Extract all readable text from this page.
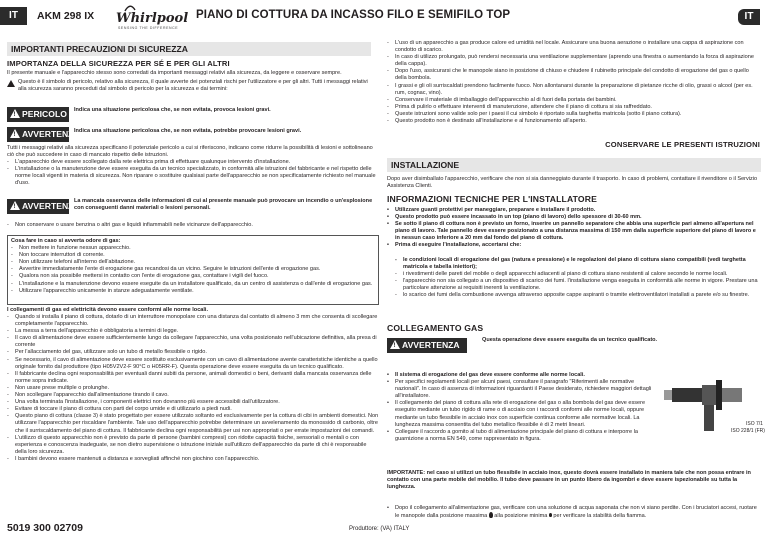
IT	AKM 298 IX Whirlpool
SENSING THE DIFFERENCE
PIANO DI COTTURA DA INCASSO FILO E SEMIFILO TOP	IT
IMPORTANTI PRECAUZIONI DI SICUREZZA
IMPORTANZA DELLA SICUREZZA PER SÉ E PER GLI ALTRI
Il presente manuale e l'apparecchio stesso sono corredati da importanti messaggi relativi alla sicurezza, da leggere e osservare sempre.
Questo è il simbolo di pericolo, relativo alla sicurezza, il quale avverte dei potenziali rischi per l'utilizzatore e per gli altri. Tutti i messaggi relativi alla sicurezza saranno preceduti dal simbolo di pericolo per la sicurezza e dai termini:
!
PERICOLO	Indica una situazione pericolosa che, se non evitata, provoca lesioni gravi.
!
AVVERTENZA
Indica una situazione pericolosa che, se non evitata, potrebbe provocare lesioni gravi.
Tutti i messaggi relativi alla sicurezza specificano il potenziale pericolo a cui si riferiscono, indicano come ridurre la possibilità di lesioni e sottolineano ciò che può succedere in caso di mancato rispetto delle istruzioni.
- L'apparecchio deve essere scollegato dalla rete elettrica prima di effettuare qualunque intervento d'installazione.
- L'installazione o la manutenzione deve essere eseguita da un tecnico specializzato, in conformità alle istruzioni del fabbricante e nel rispetto delle norme locali vigenti in materia di sicurezza. Non riparare o sostituire qualsiasi parte dell'apparecchio se non specificatamente richiesto nel manuale d'uso.
!
AVVERTENZA
La mancata osservanza delle informazioni di cui al presente manuale può provocare un incendio o un'esplosione con conseguenti danni materiali o lesioni personali.
- Non conservare o usare benzina o altri gas e liquidi infiammabili nelle vicinanze dell'apparecchio.
Cosa fare in caso si avverta odore di gas:
- Non mettere in funzione nessun apparecchio.
- Non toccare interruttori di corrente.
- Non utilizzare telefoni all'interno dell'abitazione.
- Avvertire immediatamente l'ente di erogazione gas recandosi da un vicino. Seguire le istruzioni dell'ente di erogazione gas.
- Qualora non sia possibile mettersi in contatto con l'ente di erogazione gas, contattare i vigili del fuoco.
- L'installazione e la manutenzione devono essere eseguite da un installatore qualificato, da un centro di assistenza o dall'ente di erogazione gas.
- Utilizzare l'apparecchio unicamente in stanze adeguatamente ventilate.
I collegamenti di gas ed elettricità devono essere conformi alle norme locali.
- Quando si installa il piano di cottura, dotarlo di un interruttore monopolare con una distanza dal contatto di almeno 3 mm che consenta di scollegare completamente l'apparecchio.
- La messa a terra dell'apparecchio è obbligatoria a termini di legge.
- Il cavo di alimentazione deve essere sufficientemente lungo da collegare l'apparecchio, una volta posizionato nell'ubicazione definitiva, alla presa di corrente
- Per l'allacciamento del gas, utilizzare solo un tubo di metallo flessibile o rigido.
- Se necessario, il cavo di alimentazione deve essere sostituito esclusivamente con un cavo di alimentazione avente caratteristiche identiche a quello originale fornito dal produttore (tipo H05V2V2-F 90°C o H05RR-F). Questa operazione deve essere eseguita da un tecnico qualificato.
- Il fabbricante declina ogni responsabilità per eventuali danni subiti da persone, animali domestici o beni, derivanti dalla mancata osservanza delle norme sopra indicate.
- Non usare prese multiple o prolunghe.
- Non scollegare l'apparecchio dall'alimentazione tirando il cavo.
- Una volta terminata l'installazione, i componenti elettrici non dovranno più essere accessibili dall'utilizzatore.
- Evitare di toccare il piano di cottura con parti del corpo umide e di utilizzarlo a piedi nudi.
- Questo piano di cottura (classe 3) è stato progettato per essere utilizzato soltanto ed esclusivamente per la cottura di cibi in ambienti domestici. Non utilizzare l'apparecchio per riscaldare l'ambiente. Tale uso dell'apparecchio potrebbe determinare un avvelenamento da monossido di carbonio, oltre che il surriscaldamento del piano di cottura. Il fabbricante declina ogni responsabilità per usi non appropriati o per errate impostazioni dei comandi.
- L'utilizzo di questo apparecchio non è previsto da parte di persone (bambini compresi) con ridotte capacità fisiche, sensoriali o mentali o con esperienza e conoscenza inadeguate, se non dietro supervisione o istruzione iniziale sull'utilizzo dell'apparecchio da parte di chi è responsabile della loro sicurezza.
- I bambini devono essere mantenuti a distanza e sorvegliati affinché non giochino con l'apparecchio.
- L'uso di un apparecchio a gas produce calore ed umidità nel locale. Assicurare una buona aerazione o installare una cappa di aspirazione con condotto di scarico.
- In caso di utilizzo prolungato, può rendersi necessaria una ventilazione supplementare (aprendo una finestra o aumentando la forza di aspirazione della cappa).
- Dopo l'uso, assicurarsi che le manopole siano in posizione di chiuso e chiudere il rubinetto principale del condotto di erogazione del gas o quello della bombola.
- I grassi e gli oli surriscaldati prendono facilmente fuoco. Non allontanarsi durante la preparazione di pietanze ricche di olio, grassi o alcool (per es. rum, cognac, vino).
- Conservare il materiale di imballaggio dell'apparecchio al di fuori della portata dei bambini.
- Prima di pulirlo o effettuare interventi di manutenzione, attendere che il piano di cottura si sia raffreddato.
- Queste istruzioni sono valide solo per i paesi il cui simbolo è riportato sulla targhetta matricola (sotto il piano cottura).
- Questo prodotto non è destinato all'installazione e al funzionamento all'aperto.
CONSERVARE LE PRESENTI ISTRUZIONI
INSTALLAZIONE
Dopo aver disimballato l'apparecchio, verificare che non si sia danneggiato durante il trasporto. In caso di problemi, contattare il rivenditore o il Servizio Assistenza Clienti.
INFORMAZIONI TECNICHE PER L'INSTALLATORE
• Utilizzare guanti protettivi per maneggiare, preparare e installare il prodotto.
• Questo prodotto può essere incassato in un top (piano di lavoro) dello spessore di 30-60 mm.
• Se sotto il piano di cottura non è previsto un forno, inserire un pannello separatore che abbia una superficie pari almeno all'apertura nel piano di lavoro. Tale pannello deve essere posizionato a una distanza massima di 150 mm dalla superficie superiore del piano di lavoro e in nessun caso inferiore a 20 mm dal fondo del piano di cottura.
• Prima di eseguire l'installazione, accertarsi che:
- le condizioni locali di erogazione del gas (natura e pressione) e le regolazioni del piano di cottura siano compatibili (vedi targhetta matricola e tabella iniettori);
- i rivestimenti delle pareti del mobile o degli apparecchi adiacenti al piano di cottura siano resistenti al calore secondo le norme locali.
- l'apparecchio non sia collegato a un dispositivo di scarico dei fumi. l'installazione venga eseguita in conformità alle norme in vigore. Prestare una particolare attenzione ai requisiti inerenti la ventilazione.
- lo scarico dei fumi della combustione avvenga attraverso apposite cappe aspiranti o tramite elettroventilatori installati a parete e/o su finestre.
COLLEGAMENTO GAS
!
AVVERTENZA	Questa operazione deve essere eseguita da un tecnico qualificato.
• Il sistema di erogazione del gas deve essere conforme alle norme locali.
• Per specifici regolamenti locali per alcuni paesi, consultare il paragrafo "Riferimenti alle normative nazionali". In caso di assenza di informazioni riguardanti il Paese desiderato, richiedere maggiori dettagli all'installatore.
• Il collegamento del piano di cottura alla rete di erogazione del gas o alla bombola del gas deve essere eseguito mediante un tubo rigido di rame o di acciaio con i raccordi conformi alle norme locali, oppure mediante un tubo flessibile in acciaio inox con superficie continua conforme alle normative locali. La lunghezza massima consentita del tubo metallico flessibile è di 2 metri lineari.
• Collegare il raccordo a gomito al tubo di alimentazione principale del piano di cottura e interporre la guarnizione a norma EN 549, come rappresentato in figura.
IMPORTANTE: nel caso si utilizzi un tubo flessibile in acciaio inox, questo dovrà essere installato in maniera tale che non possa entrare in contatto con una parte mobile del mobilio. Il tubo deve passare in un punto libero da ingombri e deve essere ispezionabile su tutta la lunghezza.
• Dopo il collegamento all'alimentazione gas, verificare con una soluzione di acqua saponata che non vi siano perdite. Con i bruciatori accesi, ruotare le manopole dalla posizione massima alla posizione minima per verificare la stabilità della fiamma.
ISO 7/1
ISO 228/1 (FR)
5019 300 02709	Produttore: (VA) ITALY
